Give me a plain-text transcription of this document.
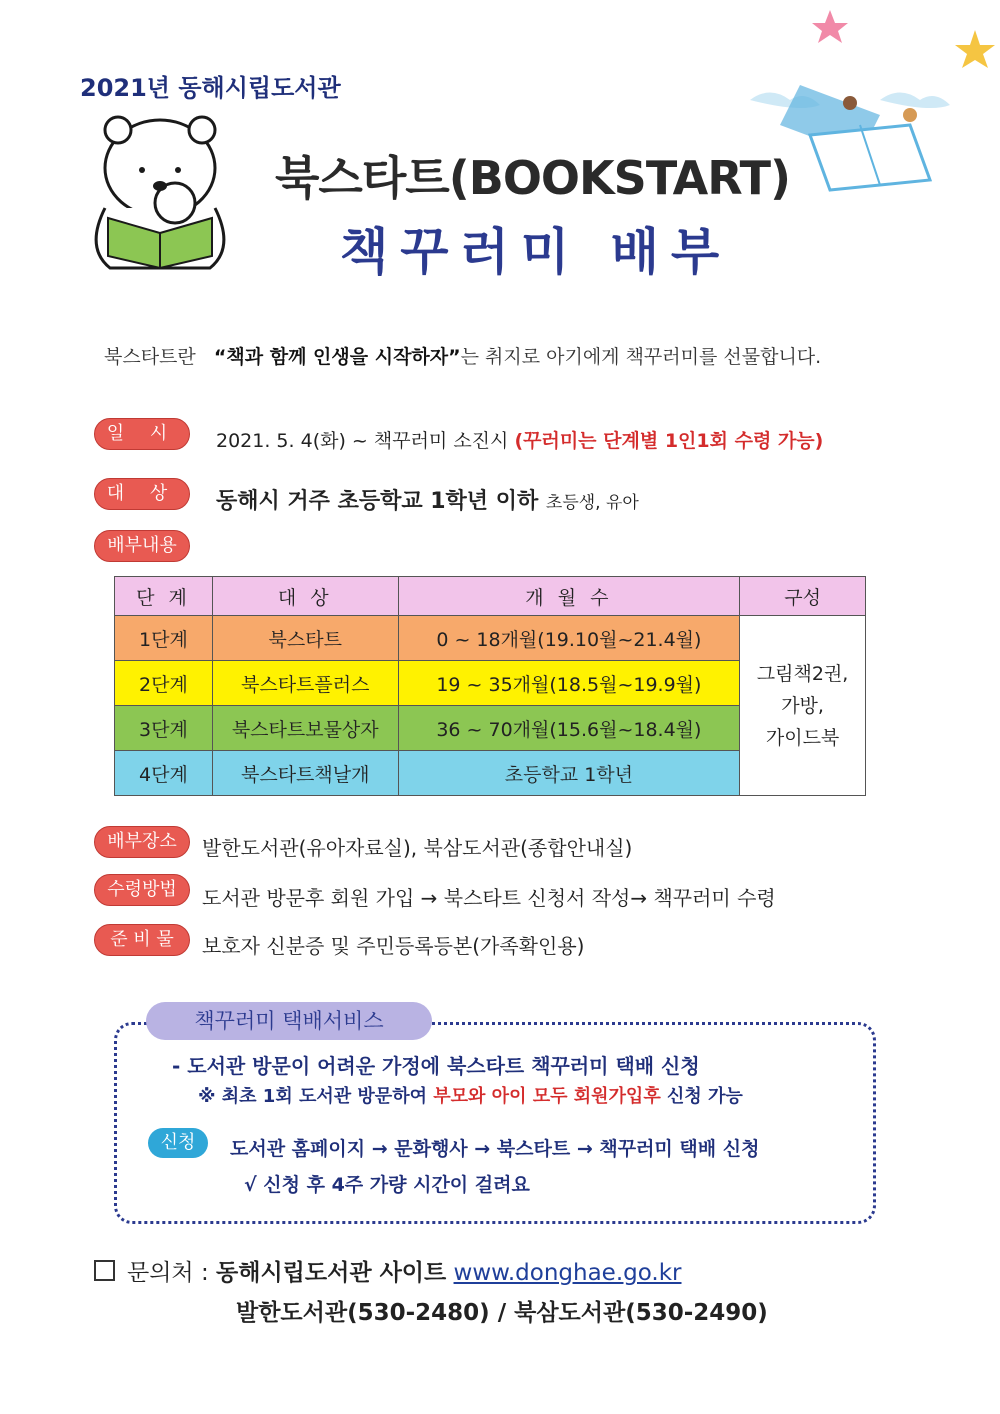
2021년 동해시립도서관
북스타트(BOOKSTART)
책꾸러미 배부
북스타트란 “책과 함께 인생을 시작하자”는 취지로 아기에게 책꾸러미를 선물합니다.
일 시	2021. 5. 4(화) ~ 책꾸러미 소진시 (꾸러미는 단계별 1인1회 수령 가능)
대 상	동해시 거주 초등학교 1학년 이하 초등생, 유아
배부내용
단 계	대 상	개 월 수	구성
1단계	북스타트	0 ~ 18개월(19.10월~21.4월)	그림책2권,
가방,
가이드북

2단계	북스타트플러스	19 ~ 35개월(18.5월~19.9월)	
3단계	북스타트보물상자	36 ~ 70개월(15.6월~18.4월)	
4단계	북스타트책날개	초등학교 1학년	
배부장소	발한도서관(유아자료실), 북삼도서관(종합안내실)
수령방법	도서관 방문후 회원 가입 → 북스타트 신청서 작성→ 책꾸러미 수령
준 비 물	보호자 신분증 및 주민등록등본(가족확인용)
책꾸러미 택배서비스
- 도서관 방문이 어려운 가정에 북스타트 책꾸러미 택배 신청
※ 최초 1회 도서관 방문하여 부모와 아이 모두 회원가입후 신청 가능
신청	도서관 홈페이지 → 문화행사 → 북스타트 → 책꾸러미 택배 신청
√ 신청 후 4주 가량 시간이 걸려요
문의처 : 동해시립도서관 사이트 www.donghae.go.kr
발한도서관(530-2480) / 북삼도서관(530-2490)
